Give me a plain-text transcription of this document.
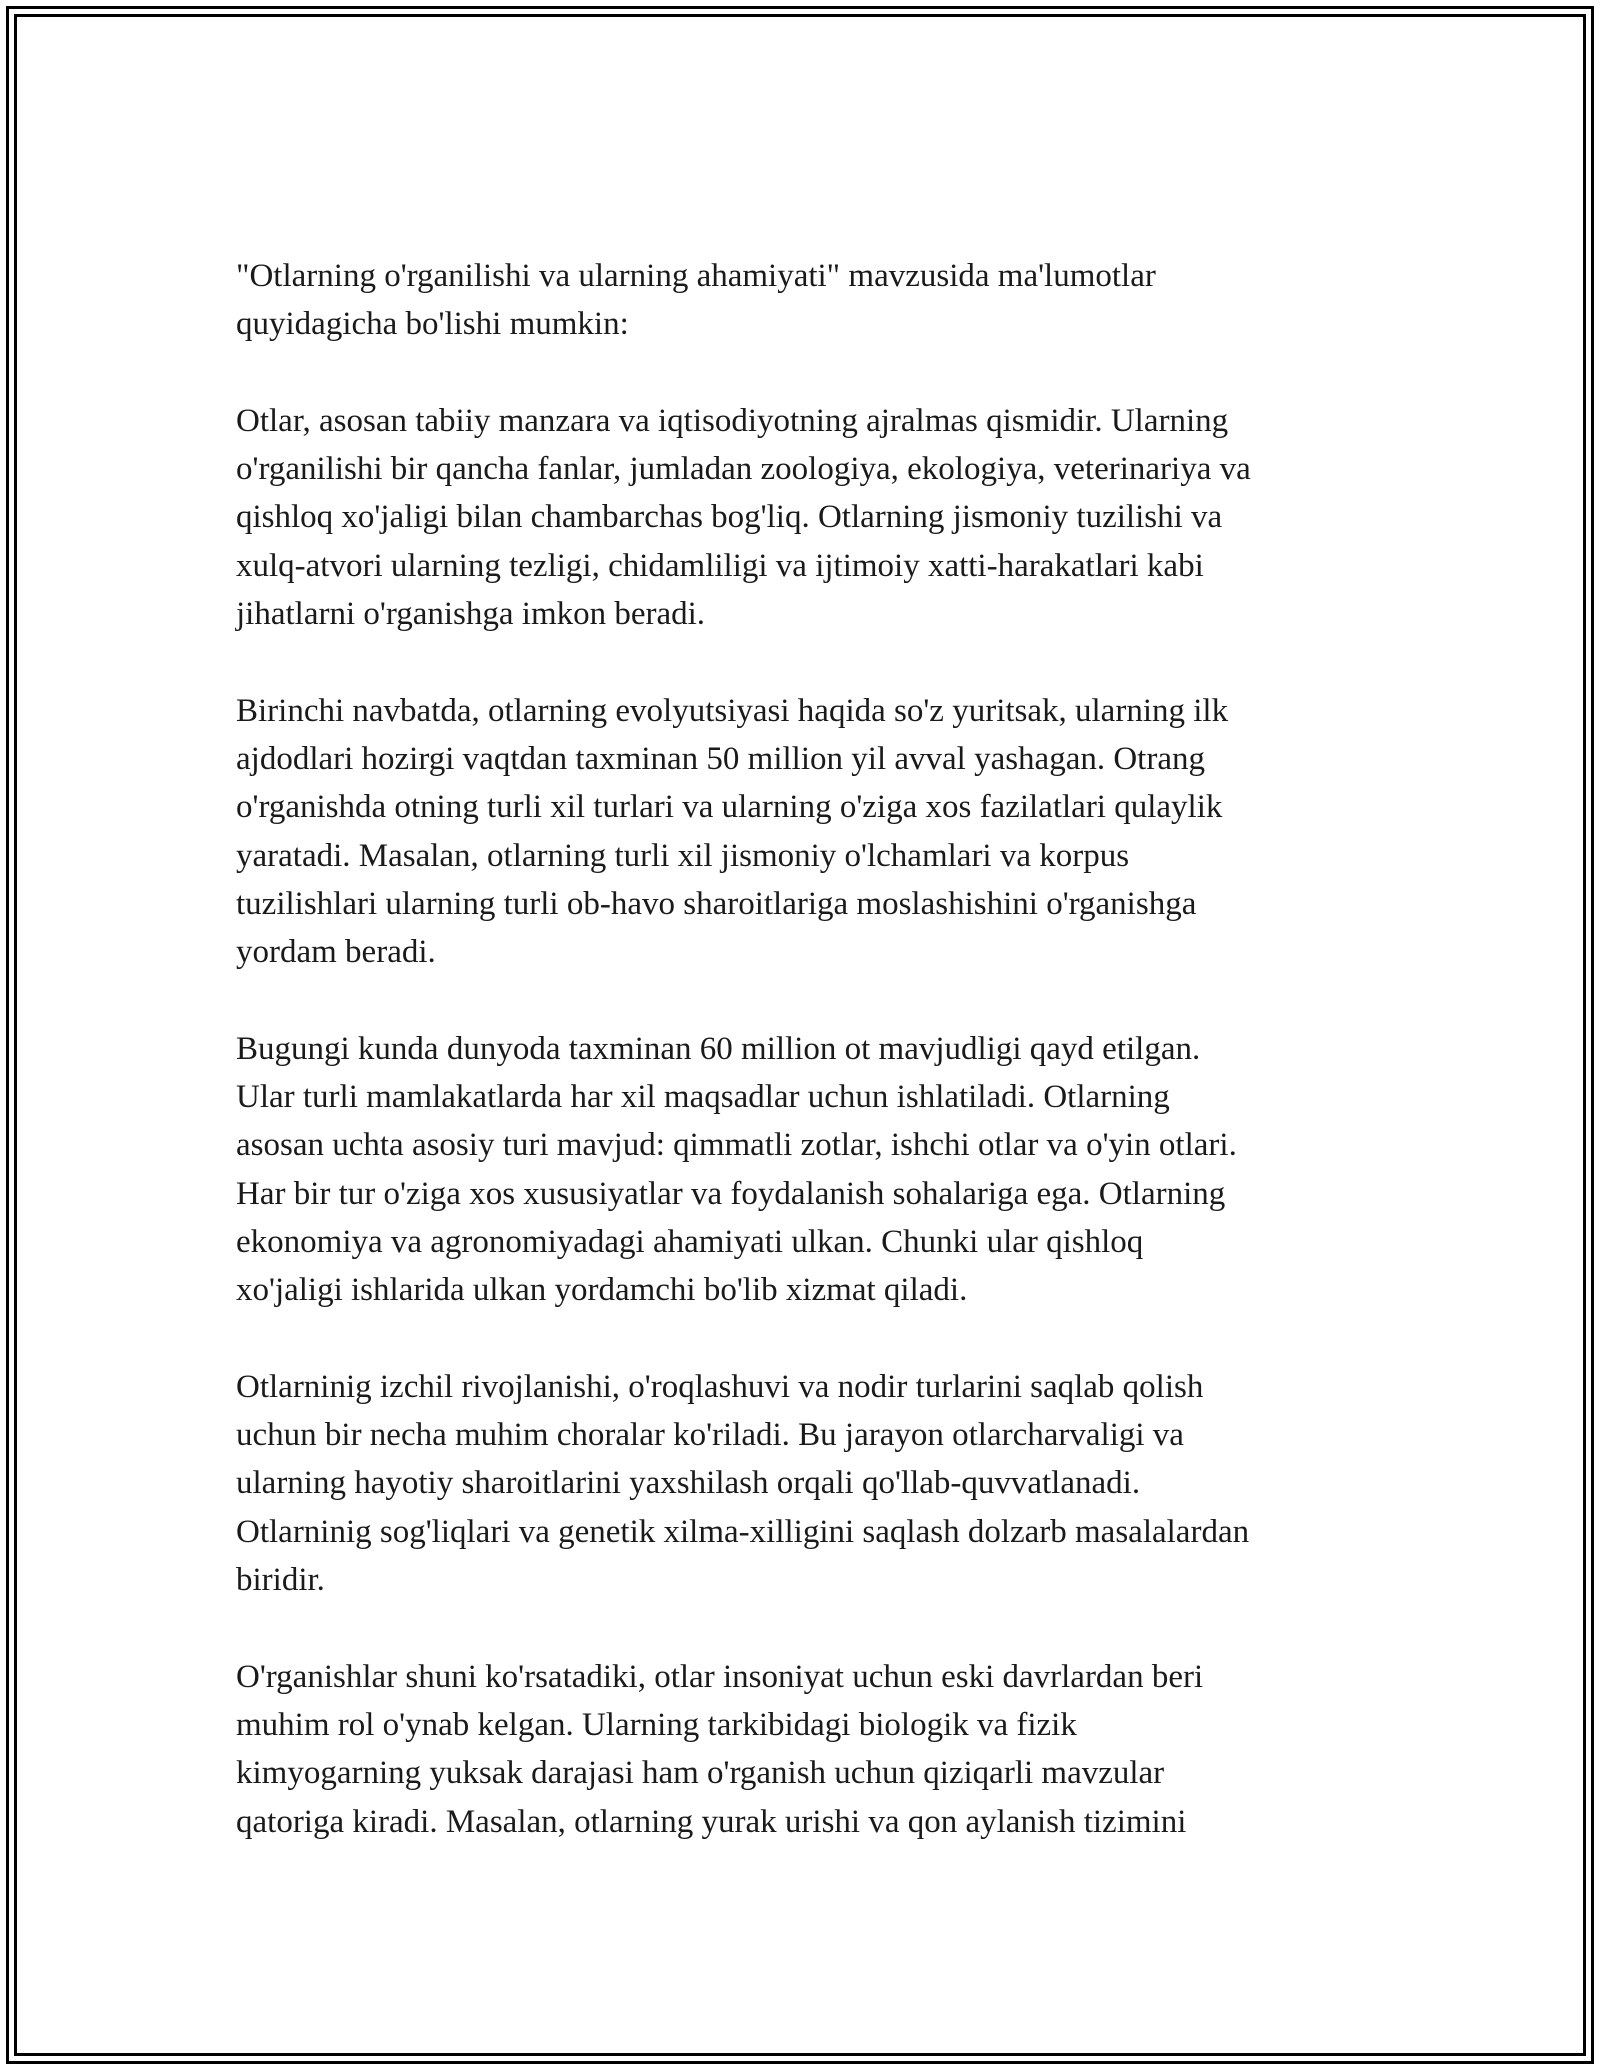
"Otlarning o'rganilishi va ularning ahamiyati" mavzusida ma'lumotlar
quyidagicha bo'lishi mumkin:

Otlar, asosan tabiiy manzara va iqtisodiyotning ajralmas qismidir. Ularning
o'rganilishi bir qancha fanlar, jumladan zoologiya, ekologiya, veterinariya va
qishloq xo'jaligi bilan chambarchas bog'liq. Otlarning jismoniy tuzilishi va
xulq-atvori ularning tezligi, chidamliligi va ijtimoiy xatti-harakatlari kabi
jihatlarni o'rganishga imkon beradi.

Birinchi navbatda, otlarning evolyutsiyasi haqida so'z yuritsak, ularning ilk
ajdodlari hozirgi vaqtdan taxminan 50 million yil avval yashagan. Otrang
o'rganishda otning turli xil turlari va ularning o'ziga xos fazilatlari qulaylik
yaratadi. Masalan, otlarning turli xil jismoniy o'lchamlari va korpus
tuzilishlari ularning turli ob-havo sharoitlariga moslashishini o'rganishga
yordam beradi.

Bugungi kunda dunyoda taxminan 60 million ot mavjudligi qayd etilgan.
Ular turli mamlakatlarda har xil maqsadlar uchun ishlatiladi. Otlarning
asosan uchta asosiy turi mavjud: qimmatli zotlar, ishchi otlar va o'yin otlari.
Har bir tur o'ziga xos xususiyatlar va foydalanish sohalariga ega. Otlarning
ekonomiya va agronomiyadagi ahamiyati ulkan. Chunki ular qishloq
xo'jaligi ishlarida ulkan yordamchi bo'lib xizmat qiladi.

Otlarninig izchil rivojlanishi, o'roqlashuvi va nodir turlarini saqlab qolish
uchun bir necha muhim choralar ko'riladi. Bu jarayon otlarcharvaligi va
ularning hayotiy sharoitlarini yaxshilash orqali qo'llab-quvvatlanadi.
Otlarninig sog'liqlari va genetik xilma-xilligini saqlash dolzarb masalalardan
biridir.

O'rganishlar shuni ko'rsatadiki, otlar insoniyat uchun eski davrlardan beri
muhim rol o'ynab kelgan. Ularning tarkibidagi biologik va fizik
kimyogarning yuksak darajasi ham o'rganish uchun qiziqarli mavzular
qatoriga kiradi. Masalan, otlarning yurak urishi va qon aylanish tizimini
